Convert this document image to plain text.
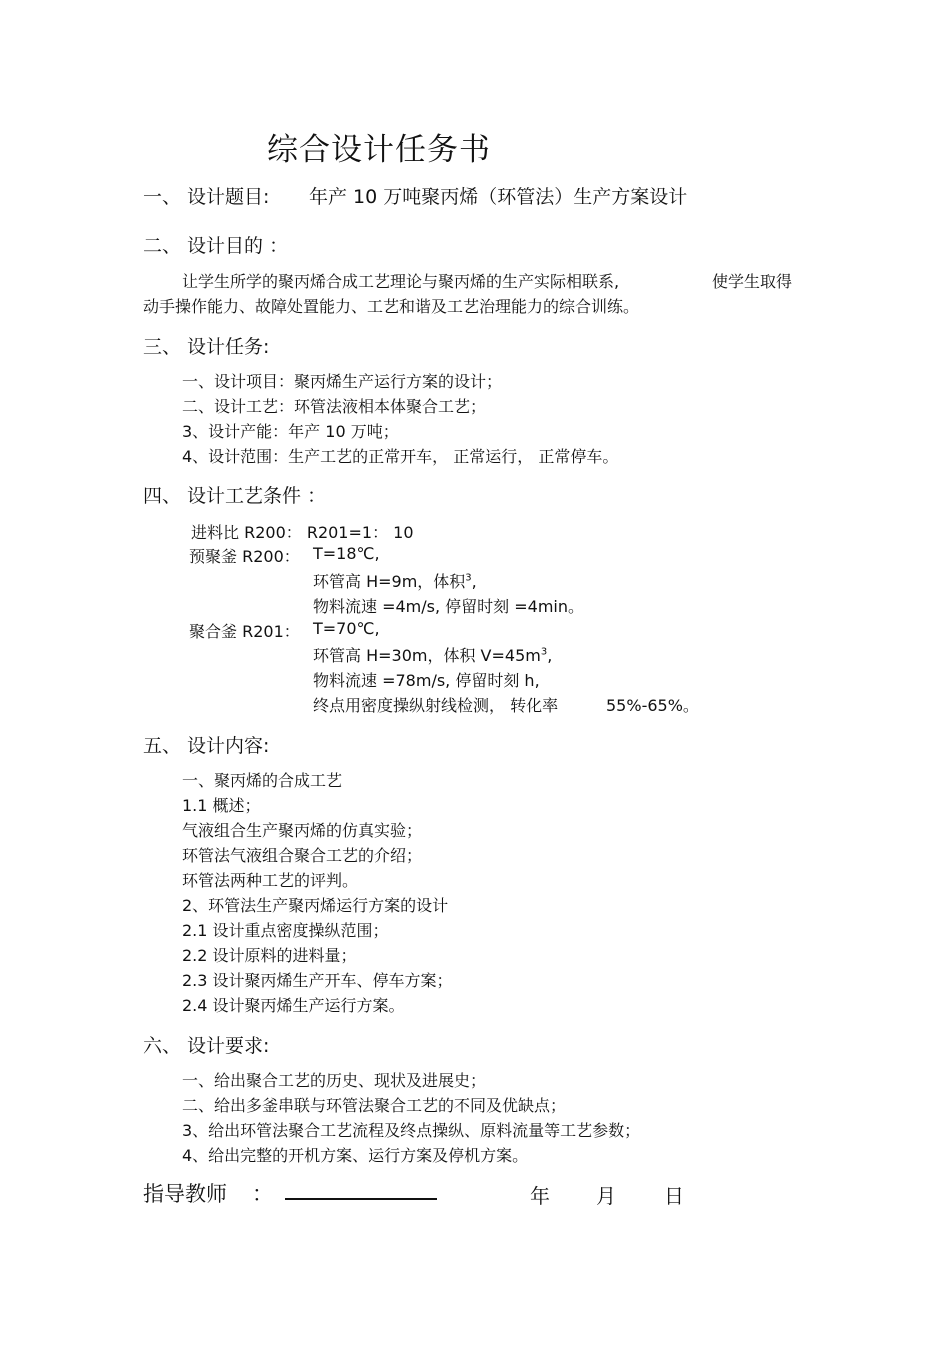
综合设计任务书
一、 设计题目: 年产 10 万吨聚丙烯（环管法）生产方案设计
二、 设计目的 ：
让学生所学的聚丙烯合成工艺理论与聚丙烯的生产实际相联系,	使学生取得
动手操作能力、故障处置能力、工艺和谐及工艺治理能力的综合训练。
三、 设计任务:
一、设计项目：聚丙烯生产运行方案的设计；
二、设计工艺：环管法液相本体聚合工艺；
3、设计产能：年产 10 万吨；
4、设计范围：生产工艺的正常开车， 正常运行， 正常停车。
四、 设计工艺条件 ：
进料比 R200： R201=1： 10
预聚釜 R200： T=18℃,
环管高 H=9m，体积$^3$,
物料流速 =4m/s, 停留时刻 =4min。
聚合釜 R201： T=70℃,
环管高 H=30m，体积 $V=45m^3$,
物料流速 =78m/s, 停留时刻 h,
终点用密度操纵射线检测， 转化率	55%-65%。
五、 设计内容:
一、聚丙烯的合成工艺
1.1 概述；
气液组合生产聚丙烯的仿真实验；
环管法气液组合聚合工艺的介绍；
环管法两种工艺的评判。
2、环管法生产聚丙烯运行方案的设计
2.1 设计重点密度操纵范围；
2.2 设计原料的进料量；
2.3 设计聚丙烯生产开车、停车方案；
2.4 设计聚丙烯生产运行方案。
六、 设计要求:
一、给出聚合工艺的历史、现状及进展史；
二、给出多釜串联与环管法聚合工艺的不同及优缺点；
3、给出环管法聚合工艺流程及终点操纵、原料流量等工艺参数；
4、给出完整的开机方案、运行方案及停机方案。
指导教师 ：	年 月 日
